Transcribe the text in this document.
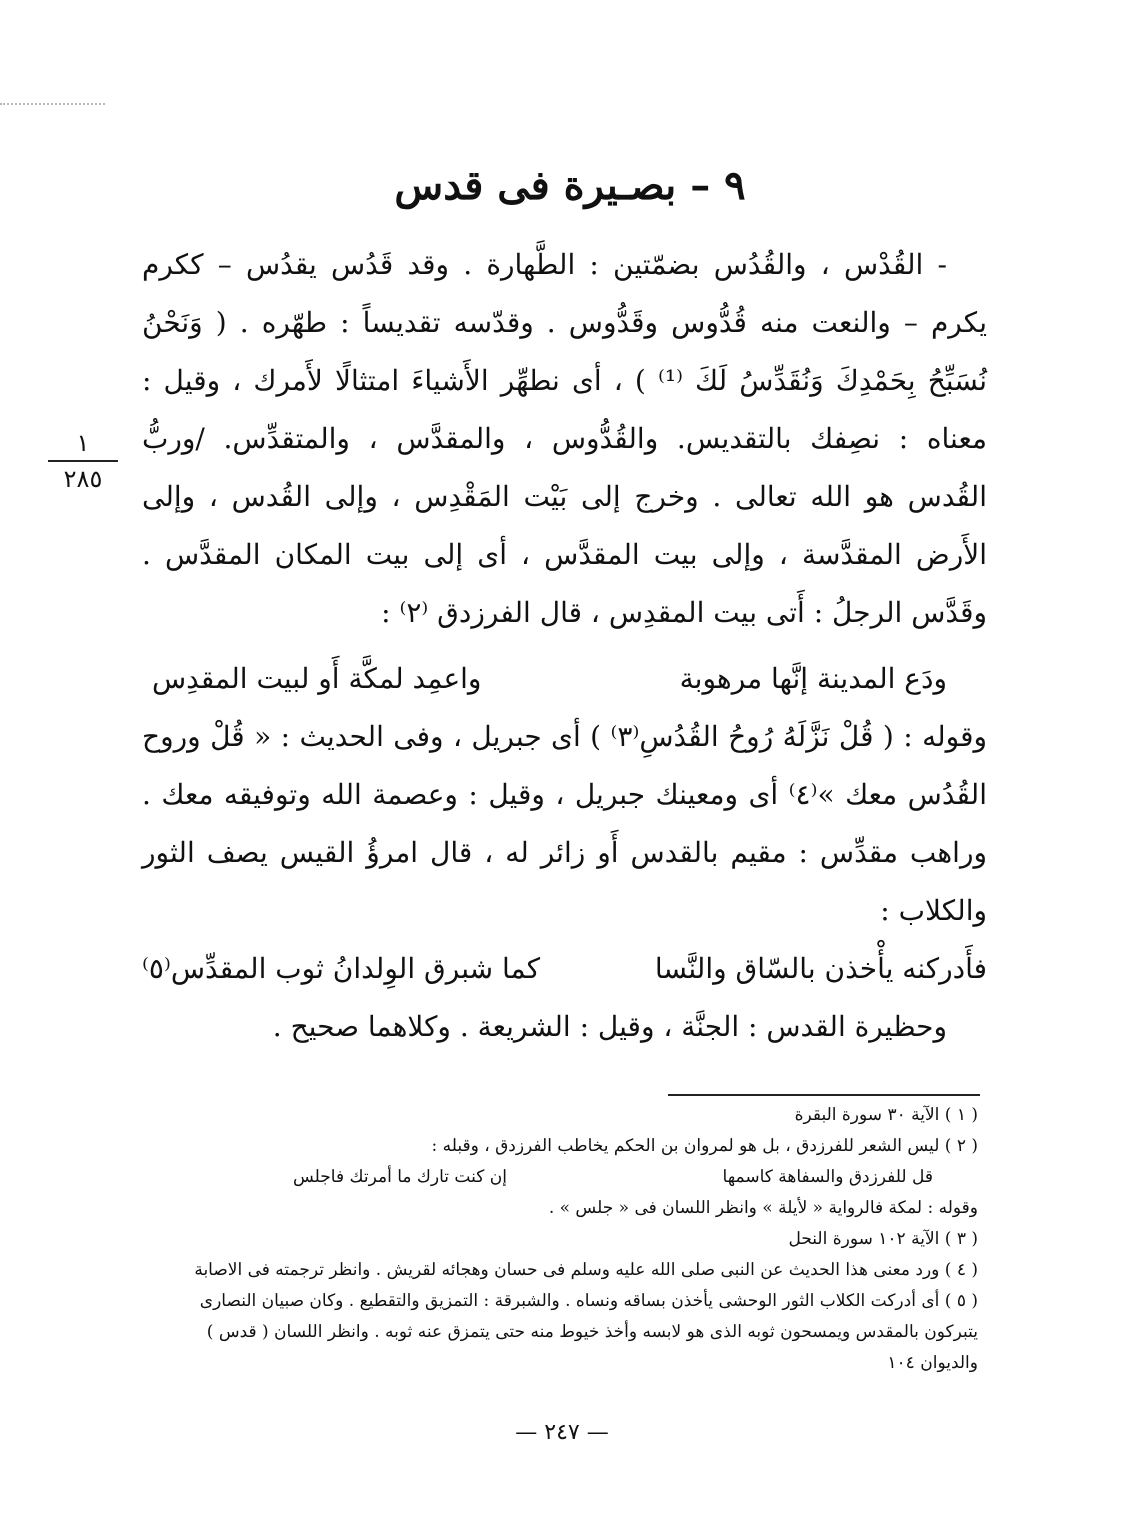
٩ – بصـيرة فى قدس
١
٢٨٥

- القُدْس ، والقُدُس بضمّتين : الطَّهارة . وقد قَدُس يقدُس – ككرم يكرم – والنعت منه قُدُّوس وقَدُّوس . وقدّسه تقديساً : طهّره . ( وَنَحْنُ نُسَبِّحُ بِحَمْدِكَ وَنُقَدِّسُ لَكَ ⁽¹⁾ ) ، أى نطهِّر الأَشياءَ امتثالًا لأَمرك ، وقيل : معناه : نصِفك بالتقديس. والقُدُّوس ، والمقدَّس ، والمتقدِّس. /وربُّ القُدس هو الله تعالى . وخرج إلى بَيْت المَقْدِس ، وإلى القُدس ، وإلى الأَرض المقدَّسة ، وإلى بيت المقدَّس ، أى إلى بيت المكان المقدَّس . وقَدَّس الرجلُ : أَتى بيت المقدِس ، قال الفرزدق ⁽٢⁾ :

ودَع المدينة إنَّها مرهوبة
واعمِد لمكَّة أَو لبيت المقدِس

وقوله : ( قُلْ نَزَّلَهُ رُوحُ القُدُسِ⁽٣⁾ ) أى جبريل ، وفى الحديث : « قُلْ وروح القُدُس معك »⁽٤⁾ أى ومعينك جبريل ، وقيل : وعصمة الله وتوفيقه معك . وراهب مقدِّس : مقيم بالقدس أَو زائر له ، قال امرؤُ القيس يصف الثور والكلاب :

فأَدركنه يأْخذن بالسّاق والنَّسا
كما شبرق الوِلدانُ ثوب المقدِّس⁽٥⁾

وحظيرة القدس : الجنَّة ، وقيل : الشريعة . وكلاهما صحيح .

( ١ ) الآية ٣٠ سورة البقرة

( ٢ ) ليس الشعر للفرزدق ، بل هو لمروان بن الحكم يخاطب الفرزدق ، وقبله :

قل للفرزدق والسفاهة كاسمها
إن كنت تارك ما أمرتك فاجلس

وقوله : لمكة فالرواية « لأيلة » وانظر اللسان فى « جلس » .

( ٣ ) الآية ١٠٢ سورة النحل

( ٤ ) ورد معنى هذا الحديث عن النبى صلى الله عليه وسلم فى حسان وهجائه لقريش . وانظر ترجمته فى الاصابة

( ٥ ) أى أدركت الكلاب الثور الوحشى يأخذن بساقه ونساه . والشبرقة : التمزيق والتقطيع . وكان صبيان النصارى يتبركون بالمقدس ويمسحون ثوبه الذى هو لابسه وأخذ خيوط منه حتى يتمزق عنه ثوبه . وانظر اللسان ( قدس ) والديوان ١٠٤

— ٢٤٧ —
